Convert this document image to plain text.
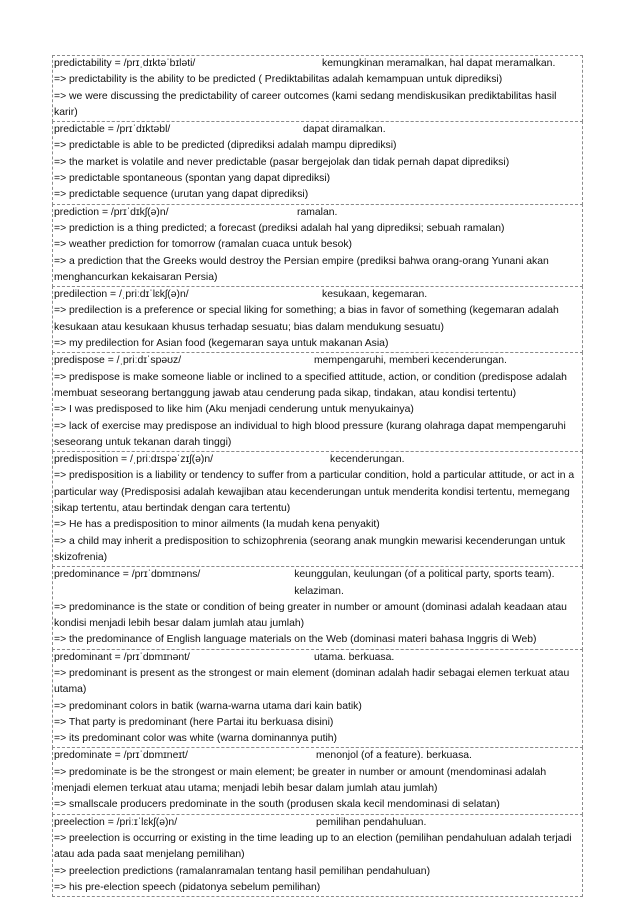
predictability = /prɪˌdɪktəˈbɪləti/	kemungkinan meramalkan, hal dapat meramalkan.
=> predictability is the ability to be predicted ( Prediktabilitas adalah kemampuan untuk diprediksi)
=> we were discussing the predictability of career outcomes (kami sedang mendiskusikan prediktabilitas hasil karir)
predictable = /prɪˈdɪktəbl/	dapat diramalkan.
=> predictable is able to be predicted (diprediksi adalah mampu diprediksi)
=> the market is volatile and never predictable (pasar bergejolak dan tidak pernah dapat diprediksi)
=> predictable spontaneous (spontan yang dapat diprediksi)
=> predictable sequence (urutan yang dapat diprediksi)
prediction = /prɪˈdɪkʃ(ə)n/	ramalan.
=> prediction is a thing predicted; a forecast (prediksi adalah hal yang diprediksi; sebuah ramalan)
=> weather prediction for tomorrow (ramalan cuaca untuk besok)
=> a prediction that the Greeks would destroy the Persian empire (prediksi bahwa orang-orang Yunani akan menghancurkan kekaisaran Persia)
predilection = /ˌpriːdɪˈlɛkʃ(ə)n/	kesukaan, kegemaran.
=> predilection is a preference or special liking for something; a bias in favor of something (kegemaran adalah kesukaan atau kesukaan khusus terhadap sesuatu; bias dalam mendukung sesuatu)
=> my predilection for Asian food (kegemaran saya untuk makanan Asia)
predispose = /ˌpriːdɪˈspəʊz/	mempengaruhi, memberi kecenderungan.
=> predispose is make someone liable or inclined to a specified attitude, action, or condition (predispose adalah membuat seseorang bertanggung jawab atau cenderung pada sikap, tindakan, atau kondisi tertentu)
=> I was predisposed to like him (Aku menjadi cenderung untuk menyukainya)
=> lack of exercise may predispose an individual to high blood pressure (kurang olahraga dapat mempengaruhi seseorang untuk tekanan darah tinggi)
predisposition = /ˌpriːdɪspəˈzɪʃ(ə)n/	kecenderungan.
=> predisposition is a liability or tendency to suffer from a particular condition, hold a particular attitude, or act in a particular way (Predisposisi adalah kewajiban atau kecenderungan untuk menderita kondisi tertentu, memegang sikap tertentu, atau bertindak dengan cara tertentu)
=> He has a predisposition to minor ailments (Ia mudah kena penyakit)
=> a child may inherit a predisposition to schizophrenia (seorang anak mungkin mewarisi kecenderungan untuk skizofrenia)
predominance = /prɪˈdɒmɪnəns/	keunggulan, keulungan (of a political party, sports team). kelaziman.
=> predominance is the state or condition of being greater in number or amount (dominasi adalah keadaan atau kondisi menjadi lebih besar dalam jumlah atau jumlah)
=> the predominance of English language materials on the Web (dominasi materi bahasa Inggris di Web)
predominant = /prɪˈdɒmɪnənt/	utama. berkuasa.
=> predominant is present as the strongest or main element (dominan adalah hadir sebagai elemen terkuat atau utama)
=> predominant colors in batik (warna-warna utama dari kain batik)
=> That party is predominant (here Partai itu berkuasa disini)
=> its predominant color was white (warna dominannya putih)
predominate = /prɪˈdɒmɪneɪt/	menonjol (of a feature). berkuasa.
=> predominate is be the strongest or main element; be greater in number or amount (mendominasi adalah menjadi elemen terkuat atau utama; menjadi lebih besar dalam jumlah atau jumlah)
=> smallscale producers predominate in the south (produsen skala kecil mendominasi di selatan)
preelection = /priːɪˈlɛkʃ(ə)n/	pemilihan pendahuluan.
=> preelection is occurring or existing in the time leading up to an election (pemilihan pendahuluan adalah terjadi atau ada pada saat menjelang pemilihan)
=> preelection predictions (ramalanramalan tentang hasil pemilihan pendahuluan)
=> his pre-election speech (pidatonya sebelum pemilihan)
